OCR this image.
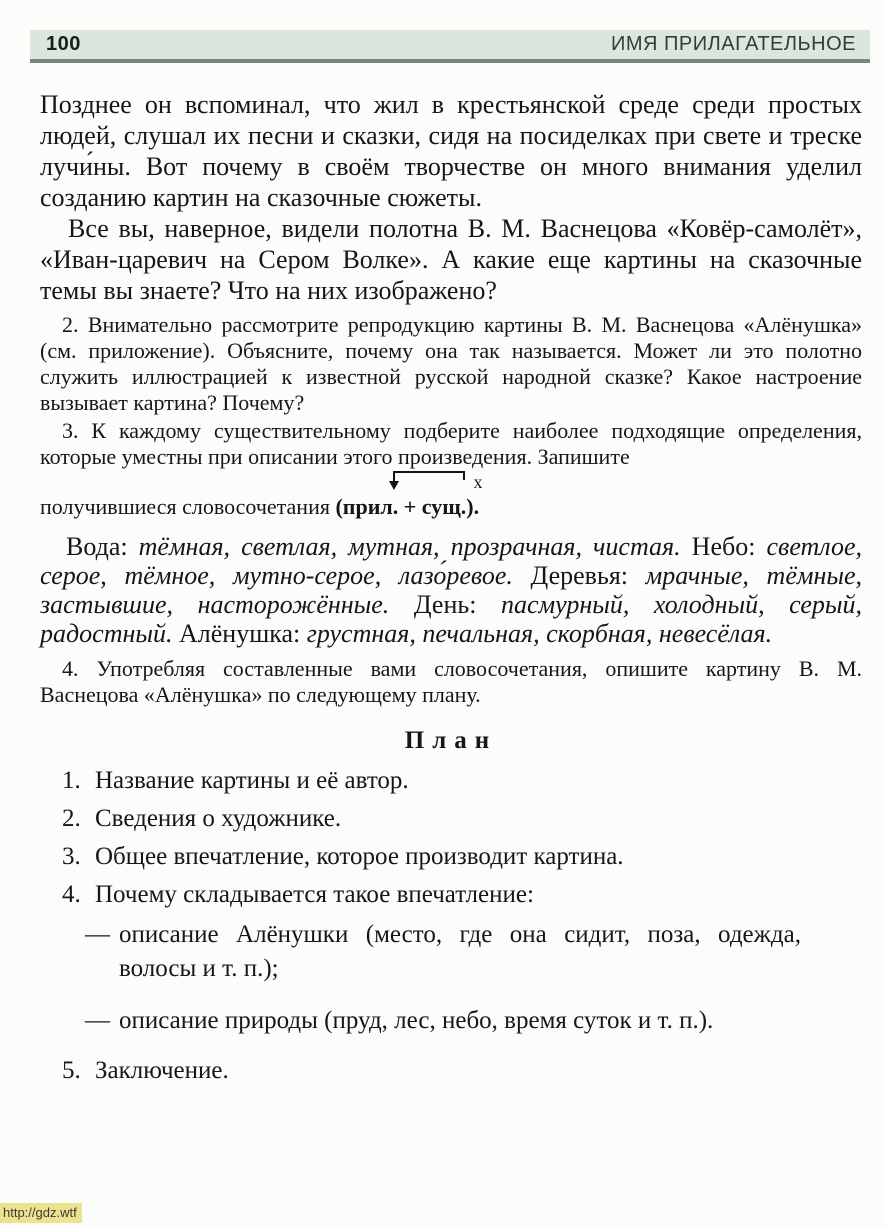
100	ИМЯ ПРИЛАГАТЕЛЬНОЕ

Позднее он вспоминал, что жил в крестьянской среде среди простых людей, слушал их песни и сказки, сидя на посиделках при свете и треске лучи́ны. Вот почему в своём творчестве он много внимания уделил созданию картин на сказочные сюжеты.

Все вы, наверное, видели полотна В. М. Васнецова «Ковёр-самолёт», «Иван-царевич на Сером Волке». А какие еще картины на сказочные темы вы знаете? Что на них изображено?

2. Внимательно рассмотрите репродукцию картины В. М. Васнецова «Алёнушка» (см. приложение). Объясните, почему она так называется. Может ли это полотно служить иллюстрацией к известной русской народной сказке? Какое настроение вызывает картина? Почему?

3. К каждому существительному подберите наиболее подходящие определения, которые уместны при описании этого произведения. Запишите

получившиеся словосочетания
х
(прил. + сущ.).

Вода: тёмная, светлая, мутная, прозрачная, чистая. Небо: светлое, серое, тёмное, мутно-серое, лазо́ревое. Деревья: мрачные, тёмные, застывшие, насторожённые. День: пасмурный, холодный, серый, радостный. Алёнушка: грустная, печальная, скорбная, невесёлая.

4. Употребляя составленные вами словосочетания, опишите картину В. М. Васнецова «Алёнушка» по следующему плану.

План
1. Название картины и её автор.
2. Сведения о художнике.
3. Общее впечатление, которое производит картина.
4. Почему складывается такое впечатление:
— описание Алёнушки (место, где она сидит, поза, одежда, волосы и т. п.);
— описание природы (пруд, лес, небо, время суток и т. п.).
5. Заключение.
http://gdz.wtf
